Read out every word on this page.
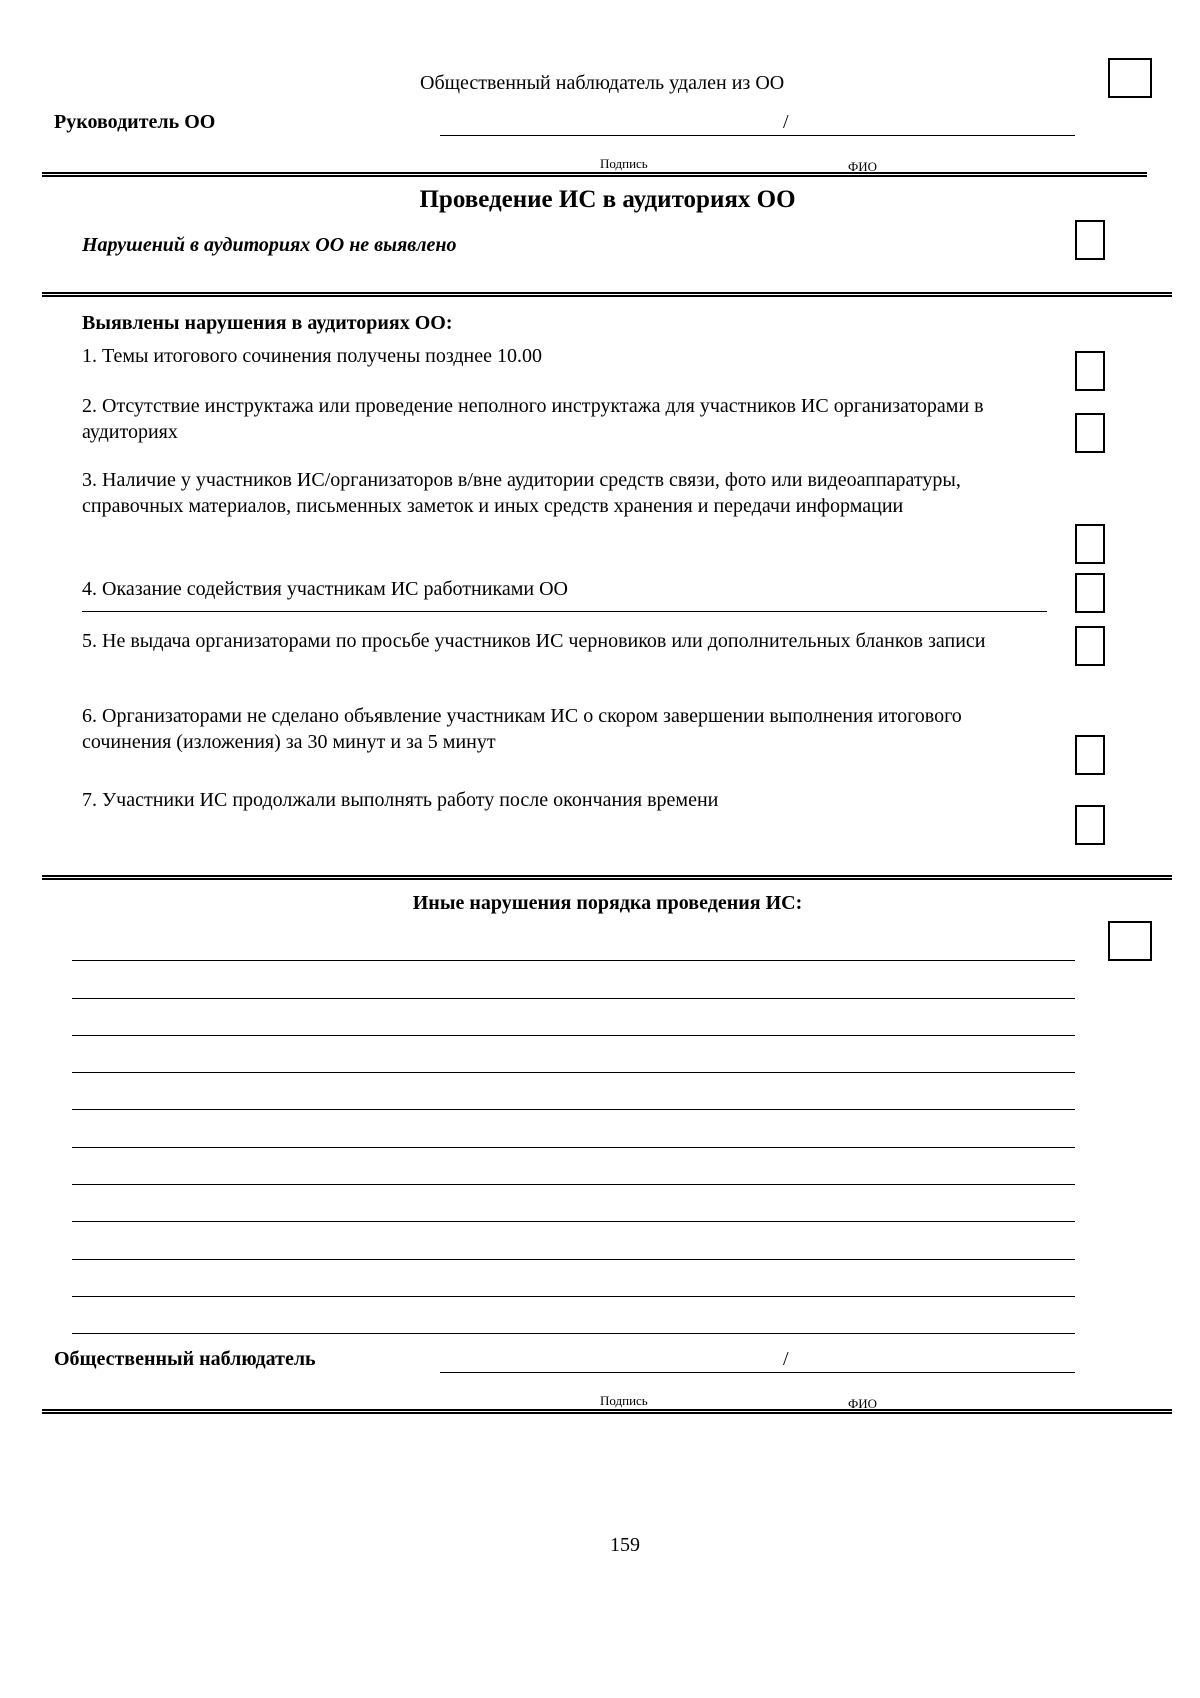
Общественный наблюдатель удален из ОО
Руководитель ОО	/
Подпись	ФИО
Проведение ИС в аудиториях ОО
Нарушений в аудиториях ОО не выявлено
Выявлены нарушения в аудиториях ОО:
1. Темы итогового сочинения получены позднее 10.00
2. Отсутствие инструктажа или проведение неполного инструктажа для участников ИС организаторами в аудиториях
3. Наличие у участников ИС/организаторов в/вне аудитории средств связи, фото или видеоаппаратуры, справочных материалов, письменных заметок и иных средств хранения и передачи информации
4. Оказание содействия участникам ИС работниками ОО
5. Не выдача организаторами по просьбе участников ИС черновиков или дополнительных бланков записи
6. Организаторами не сделано объявление участникам ИС о скором завершении выполнения итогового сочинения (изложения) за 30 минут и за 5 минут
7. Участники ИС продолжали выполнять работу после окончания времени
Иные нарушения порядка проведения ИС:
Общественный наблюдатель	/
Подпись	ФИО
159
